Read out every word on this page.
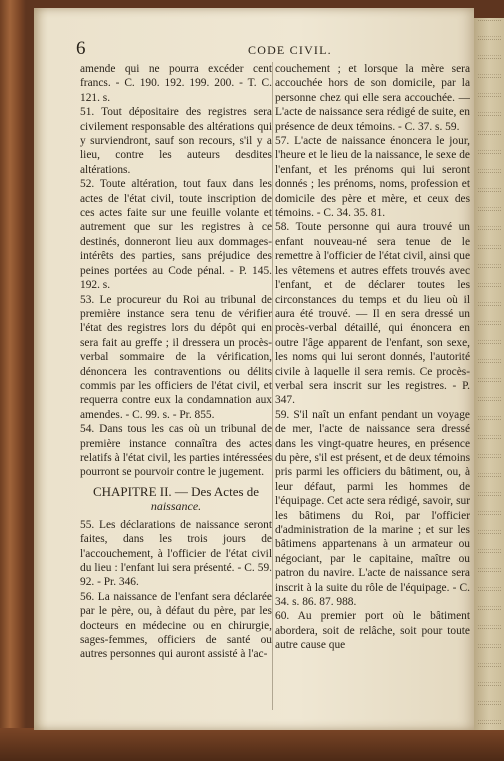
6	CODE CIVIL.

amende qui ne pourra excéder cent francs. - C. 190. 192. 199. 200. - T. C. 121. s.

51. Tout dépositaire des registres sera civilement responsable des altérations qui y surviendront, sauf son recours, s'il y a lieu, contre les auteurs desdites altérations.

52. Toute altération, tout faux dans les actes de l'état civil, toute inscription de ces actes faite sur une feuille volante et autrement que sur les registres à ce destinés, donneront lieu aux dommages-intérêts des parties, sans préjudice des peines portées au Code pénal. - P. 145. 192. s.

53. Le procureur du Roi au tribunal de première instance sera tenu de vérifier l'état des registres lors du dépôt qui en sera fait au greffe ; il dressera un procès-verbal sommaire de la vérification, dénoncera les contraventions ou délits commis par les officiers de l'état civil, et requerra contre eux la condamnation aux amendes. - C. 99. s. - Pr. 855.

54. Dans tous les cas où un tribunal de première instance connaîtra des actes relatifs à l'état civil, les parties intéressées pourront se pourvoir contre le jugement.

CHAPITRE II. — Des Actes de
naissance.

55. Les déclarations de naissance seront faites, dans les trois jours de l'accouchement, à l'officier de l'état civil du lieu : l'enfant lui sera présenté. - C. 59. 92. - Pr. 346.

56. La naissance de l'enfant sera déclarée par le père, ou, à défaut du père, par les docteurs en médecine ou en chirurgie, sages-femmes, officiers de santé ou autres personnes qui auront assisté à l'ac-

couchement ; et lorsque la mère sera accouchée hors de son domicile, par la personne chez qui elle sera accouchée. — L'acte de naissance sera rédigé de suite, en présence de deux témoins. - C. 37. s. 59.

57. L'acte de naissance énoncera le jour, l'heure et le lieu de la naissance, le sexe de l'enfant, et les prénoms qui lui seront donnés ; les prénoms, noms, profession et domicile des père et mère, et ceux des témoins. - C. 34. 35. 81.

58. Toute personne qui aura trouvé un enfant nouveau-né sera tenue de le remettre à l'officier de l'état civil, ainsi que les vêtemens et autres effets trouvés avec l'enfant, et de déclarer toutes les circonstances du temps et du lieu où il aura été trouvé. — Il en sera dressé un procès-verbal détaillé, qui énoncera en outre l'âge apparent de l'enfant, son sexe, les noms qui lui seront donnés, l'autorité civile à laquelle il sera remis. Ce procès-verbal sera inscrit sur les registres. - P. 347.

59. S'il naît un enfant pendant un voyage de mer, l'acte de naissance sera dressé dans les vingt-quatre heures, en présence du père, s'il est présent, et de deux témoins pris parmi les officiers du bâtiment, ou, à leur défaut, parmi les hommes de l'équipage. Cet acte sera rédigé, savoir, sur les bâtimens du Roi, par l'officier d'administration de la marine ; et sur les bâtimens appartenans à un armateur ou négociant, par le capitaine, maître ou patron du navire. L'acte de naissance sera inscrit à la suite du rôle de l'équipage. - C. 34. s. 86. 87. 988.

60. Au premier port où le bâtiment abordera, soit de relâche, soit pour toute autre cause que
